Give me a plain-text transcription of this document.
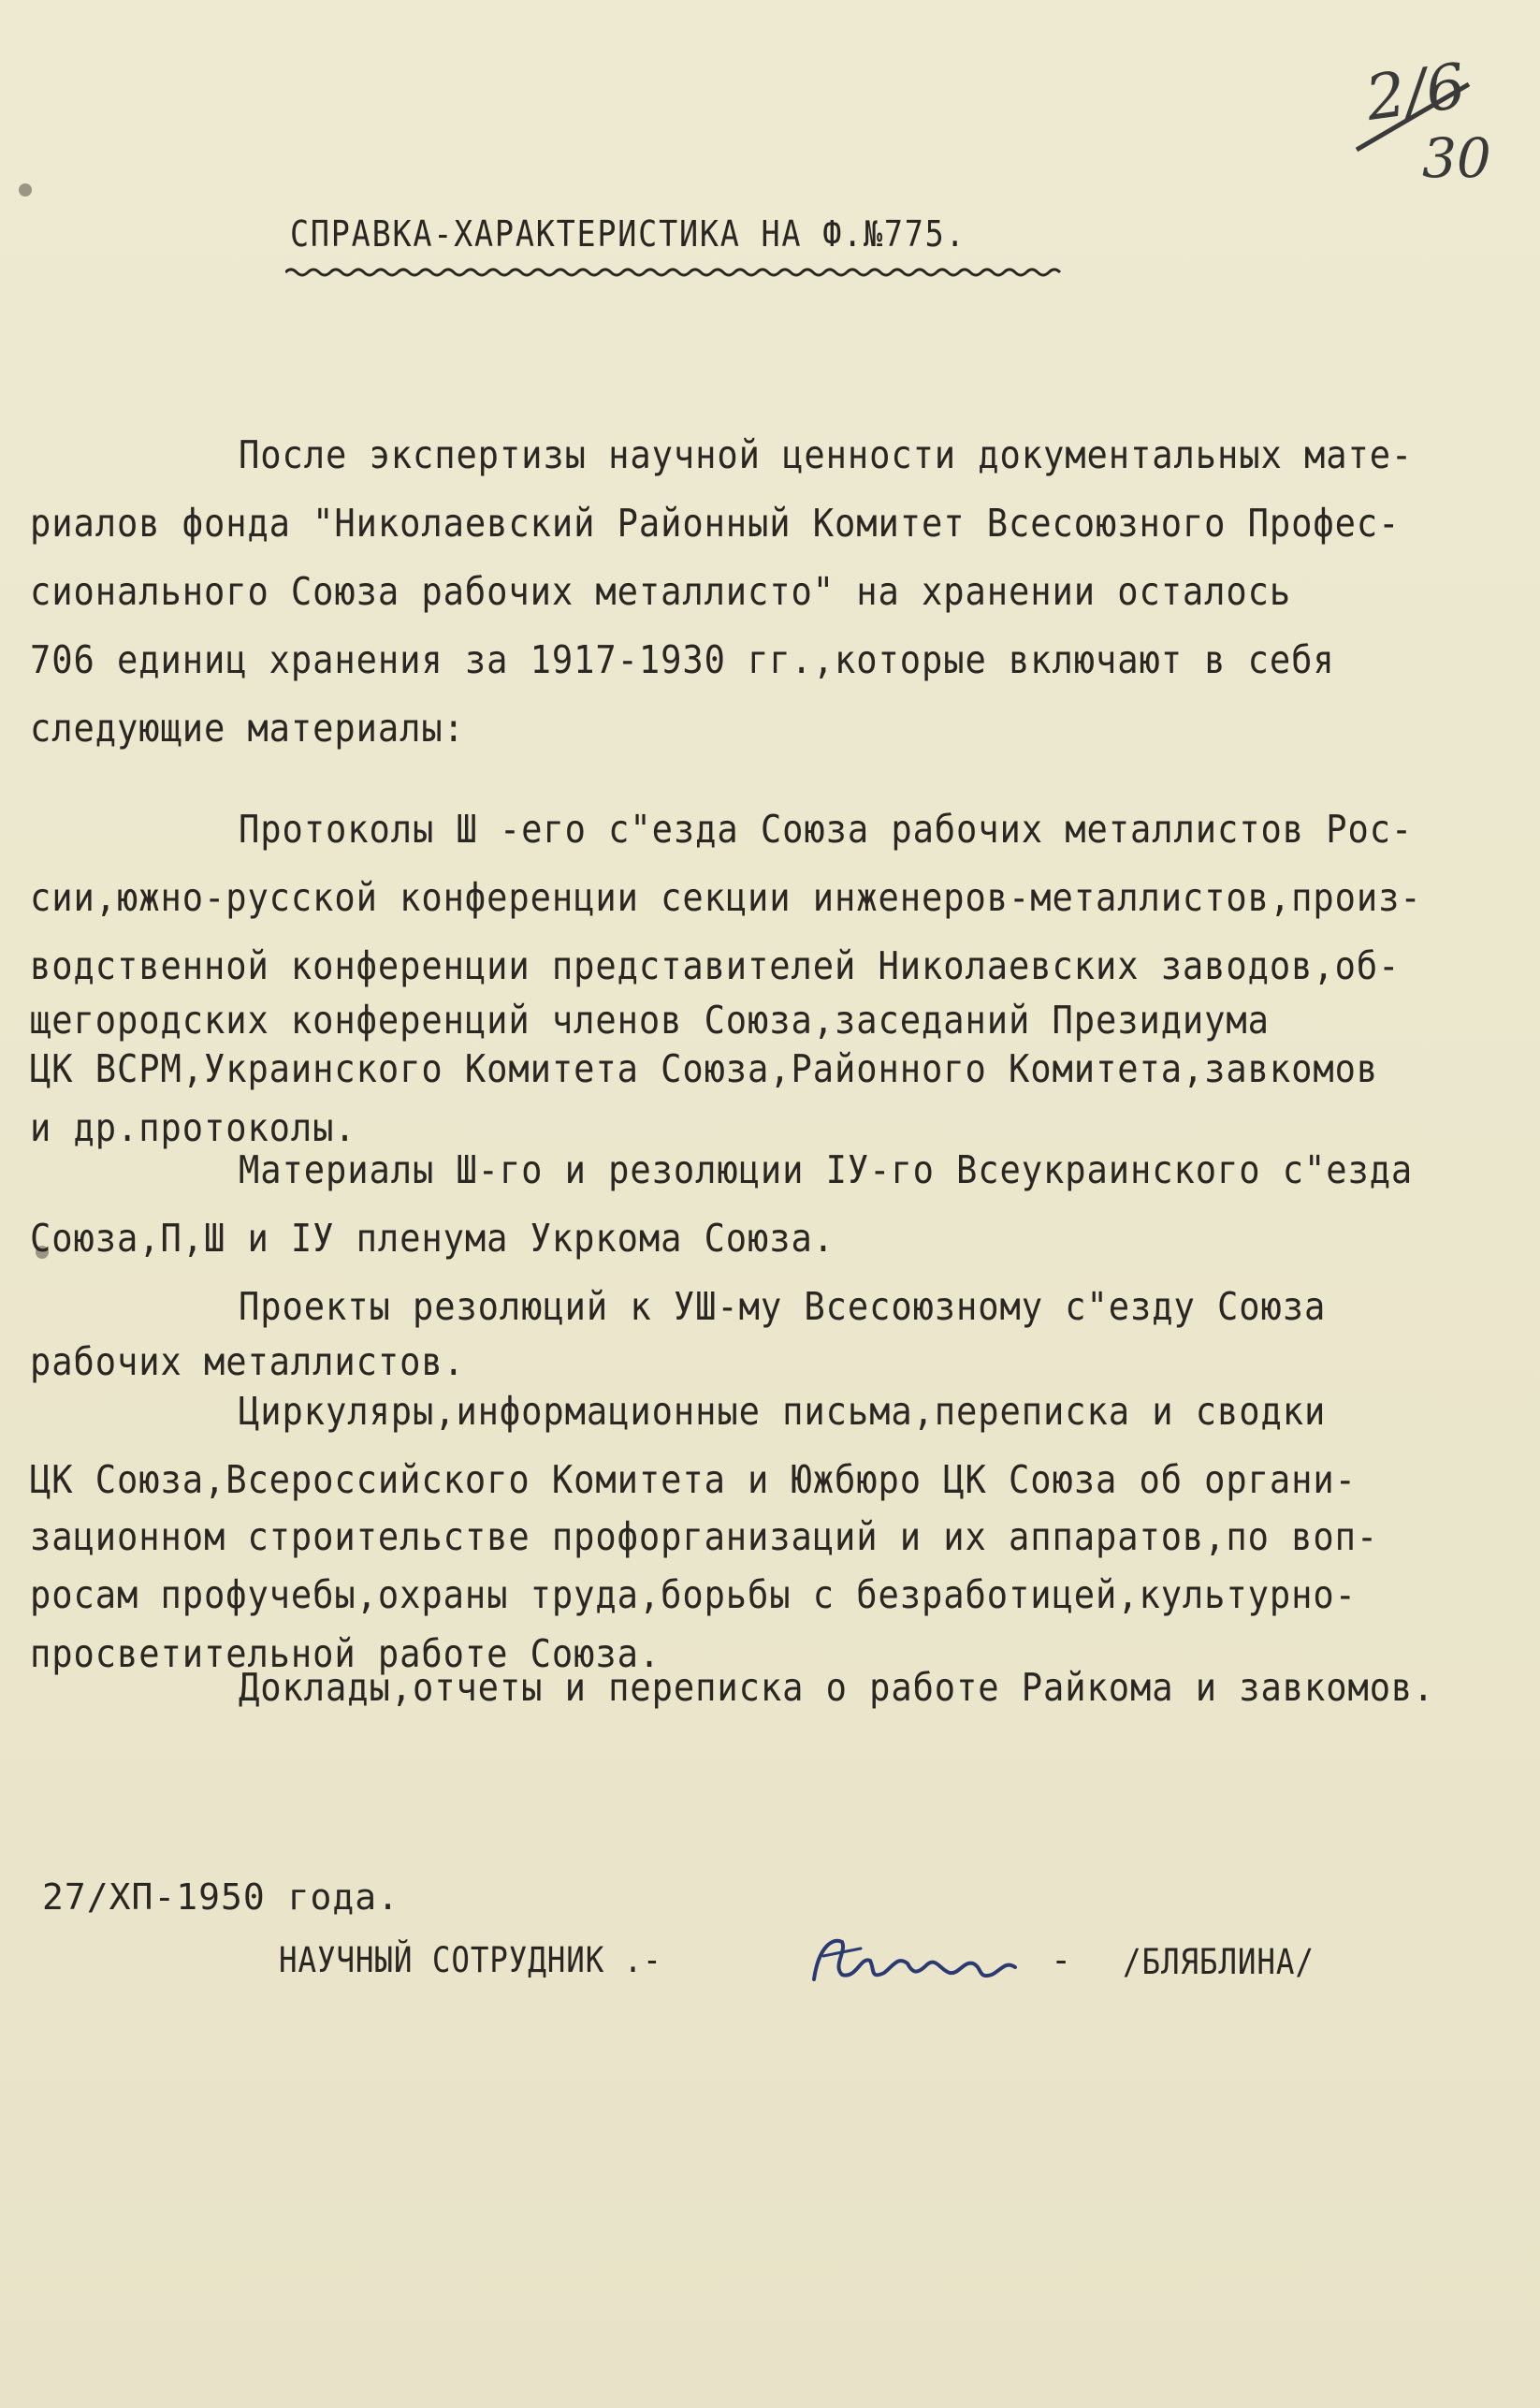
2/6
30
СПРАВКА-ХАРАКТЕРИСТИКА НА Ф.№775.
После экспертизы научной ценности документальных мате-
риалов фонда "Николаевский Районный Комитет Всесоюзного Профес-
сионального Союза рабочих металлисто" на хранении осталось
706 единиц хранения за 1917-1930 гг.,которые включают в себя
следующие материалы:
Протоколы Ш -его с"езда Союза рабочих металлистов Рос-
сии,южно-русской конференции секции инженеров-металлистов,произ-
водственной конференции представителей Николаевских заводов,об-
щегородских конференций членов Союза,заседаний Президиума
ЦК ВСРМ,Украинского Комитета Союза,Районного Комитета,завкомов
и др.протоколы.
Материалы Ш-го и резолюции IУ-го Всеукраинского с"езда
Союза,П,Ш и IУ пленума Укркома Союза.
Проекты резолюций к УШ-му Всесоюзному с"езду Союза
рабочих металлистов.
Циркуляры,информационные письма,переписка и сводки
ЦК Союза,Всероссийского Комитета и Южбюро ЦК Союза об органи-
зационном строительстве профорганизаций и их аппаратов,по воп-
росам профучебы,охраны труда,борьбы с безработицей,культурно-
просветительной работе Союза.
Доклады,отчеты и переписка о работе Райкома и завкомов.
27/ХП-1950 года.
НАУЧНЫЙ СОТРУДНИК .-	- /БЛЯБЛИНА/
